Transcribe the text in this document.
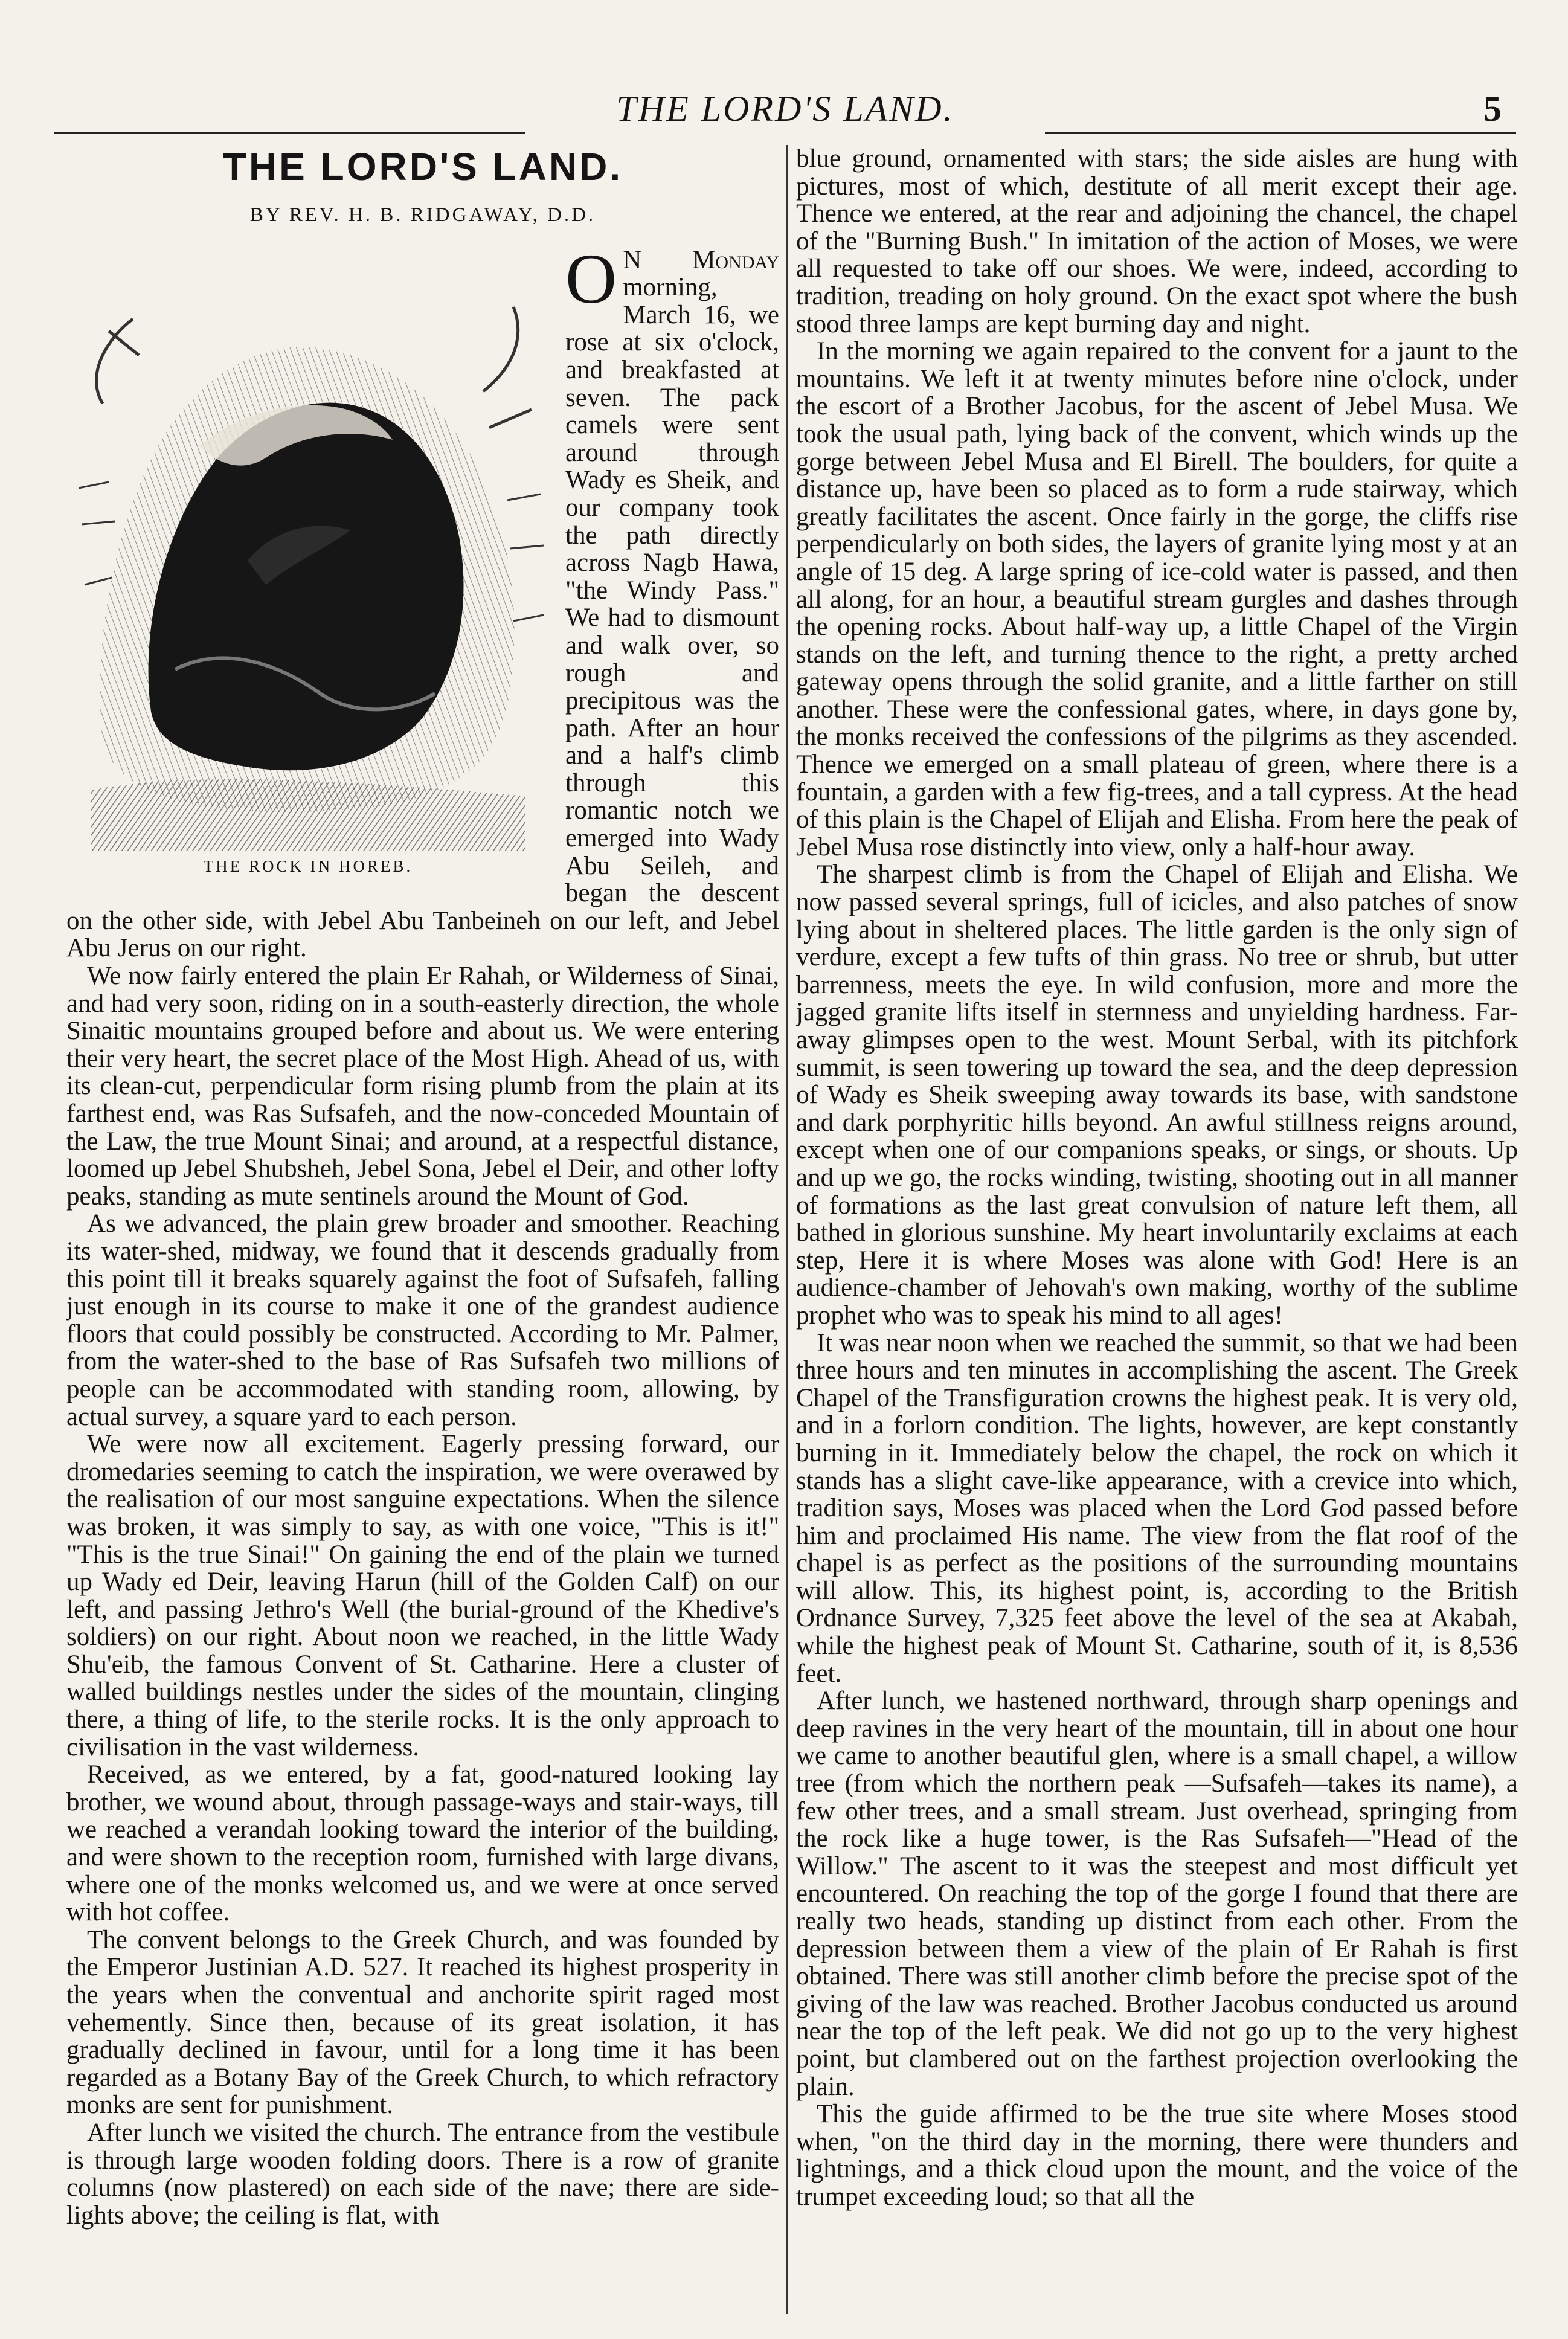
THE LORD'S LAND.	5
THE LORD'S LAND.
BY REV. H. B. RIDGAWAY, D.D.
THE ROCK IN HOREB.

O N Monday morning, March 16, we rose at six o'clock, and breakfasted at seven. The pack camels were sent around through Wady es Sheik, and our company took the path directly across Nagb Hawa, "the Windy Pass." We had to dismount and walk over, so rough and precipitous was the path. After an hour and a half's climb through this romantic notch we emerged into Wady Abu Seileh, and began the descent on the other side, with Jebel Abu Tanbeineh on our left, and Jebel Abu Jerus on our right.

We now fairly entered the plain Er Rahah, or Wilderness of Sinai, and had very soon, riding on in a south-easterly direction, the whole Sinaitic mountains grouped before and about us. We were entering their very heart, the secret place of the Most High. Ahead of us, with its clean-cut, perpendicular form rising plumb from the plain at its farthest end, was Ras Sufsafeh, and the now-conceded Mountain of the Law, the true Mount Sinai; and around, at a respectful distance, loomed up Jebel Shubsheh, Jebel Sona, Jebel el Deir, and other lofty peaks, standing as mute sentinels around the Mount of God.

As we advanced, the plain grew broader and smoother. Reaching its water-shed, midway, we found that it descends gradually from this point till it breaks squarely against the foot of Sufsafeh, falling just enough in its course to make it one of the grandest audience floors that could possibly be constructed. According to Mr. Palmer, from the water-shed to the base of Ras Sufsafeh two millions of people can be accommodated with standing room, allowing, by actual survey, a square yard to each person.

We were now all excitement. Eagerly pressing forward, our dromedaries seeming to catch the inspiration, we were overawed by the realisation of our most sanguine expectations. When the silence was broken, it was simply to say, as with one voice, "This is it!" "This is the true Sinai!" On gaining the end of the plain we turned up Wady ed Deir, leaving Harun (hill of the Golden Calf) on our left, and passing Jethro's Well (the burial-ground of the Khedive's soldiers) on our right. About noon we reached, in the little Wady Shu'eib, the famous Convent of St. Catharine. Here a cluster of walled buildings nestles under the sides of the mountain, clinging there, a thing of life, to the sterile rocks. It is the only approach to civilisation in the vast wilderness.

Received, as we entered, by a fat, good-natured looking lay brother, we wound about, through passage-ways and stair-ways, till we reached a verandah looking toward the interior of the building, and were shown to the reception room, furnished with large divans, where one of the monks welcomed us, and we were at once served with hot coffee.

The convent belongs to the Greek Church, and was founded by the Emperor Justinian A.D. 527. It reached its highest prosperity in the years when the conventual and anchorite spirit raged most vehemently. Since then, because of its great isolation, it has gradually declined in favour, until for a long time it has been regarded as a Botany Bay of the Greek Church, to which refractory monks are sent for punishment.

After lunch we visited the church. The entrance from the vestibule is through large wooden folding doors. There is a row of granite columns (now plastered) on each side of the nave; there are side-lights above; the ceiling is flat, with

blue ground, ornamented with stars; the side aisles are hung with pictures, most of which, destitute of all merit except their age. Thence we entered, at the rear and adjoining the chancel, the chapel of the "Burning Bush." In imitation of the action of Moses, we were all requested to take off our shoes. We were, indeed, according to tradition, treading on holy ground. On the exact spot where the bush stood three lamps are kept burning day and night.

In the morning we again repaired to the convent for a jaunt to the mountains. We left it at twenty minutes before nine o'clock, under the escort of a Brother Jacobus, for the ascent of Jebel Musa. We took the usual path, lying back of the convent, which winds up the gorge between Jebel Musa and El Birell. The boulders, for quite a distance up, have been so placed as to form a rude stairway, which greatly facilitates the ascent. Once fairly in the gorge, the cliffs rise perpendicularly on both sides, the layers of granite lying most y at an angle of 15 deg. A large spring of ice-cold water is passed, and then all along, for an hour, a beautiful stream gurgles and dashes through the opening rocks. About half-way up, a little Chapel of the Virgin stands on the left, and turning thence to the right, a pretty arched gateway opens through the solid granite, and a little farther on still another. These were the confessional gates, where, in days gone by, the monks received the confessions of the pilgrims as they ascended. Thence we emerged on a small plateau of green, where there is a fountain, a garden with a few fig-trees, and a tall cypress. At the head of this plain is the Chapel of Elijah and Elisha. From here the peak of Jebel Musa rose distinctly into view, only a half-hour away.

The sharpest climb is from the Chapel of Elijah and Elisha. We now passed several springs, full of icicles, and also patches of snow lying about in sheltered places. The little garden is the only sign of verdure, except a few tufts of thin grass. No tree or shrub, but utter barrenness, meets the eye. In wild confusion, more and more the jagged granite lifts itself in sternness and unyielding hardness. Far-away glimpses open to the west. Mount Serbal, with its pitchfork summit, is seen towering up toward the sea, and the deep depression of Wady es Sheik sweeping away towards its base, with sandstone and dark porphyritic hills beyond. An awful stillness reigns around, except when one of our companions speaks, or sings, or shouts. Up and up we go, the rocks winding, twisting, shooting out in all manner of formations as the last great convulsion of nature left them, all bathed in glorious sunshine. My heart involuntarily exclaims at each step, Here it is where Moses was alone with God! Here is an audience-chamber of Jehovah's own making, worthy of the sublime prophet who was to speak his mind to all ages!

It was near noon when we reached the summit, so that we had been three hours and ten minutes in accomplishing the ascent. The Greek Chapel of the Transfiguration crowns the highest peak. It is very old, and in a forlorn condition. The lights, however, are kept constantly burning in it. Immediately below the chapel, the rock on which it stands has a slight cave-like appearance, with a crevice into which, tradition says, Moses was placed when the Lord God passed before him and proclaimed His name. The view from the flat roof of the chapel is as perfect as the positions of the surrounding mountains will allow. This, its highest point, is, according to the British Ordnance Survey, 7,325 feet above the level of the sea at Akabah, while the highest peak of Mount St. Catharine, south of it, is 8,536 feet.

After lunch, we hastened northward, through sharp openings and deep ravines in the very heart of the mountain, till in about one hour we came to another beautiful glen, where is a small chapel, a willow tree (from which the northern peak —Sufsafeh—takes its name), a few other trees, and a small stream. Just overhead, springing from the rock like a huge tower, is the Ras Sufsafeh—"Head of the Willow." The ascent to it was the steepest and most difficult yet encountered. On reaching the top of the gorge I found that there are really two heads, standing up distinct from each other. From the depression between them a view of the plain of Er Rahah is first obtained. There was still another climb before the precise spot of the giving of the law was reached. Brother Jacobus conducted us around near the top of the left peak. We did not go up to the very highest point, but clambered out on the farthest projection overlooking the plain.

This the guide affirmed to be the true site where Moses stood when, "on the third day in the morning, there were thunders and lightnings, and a thick cloud upon the mount, and the voice of the trumpet exceeding loud; so that all the
